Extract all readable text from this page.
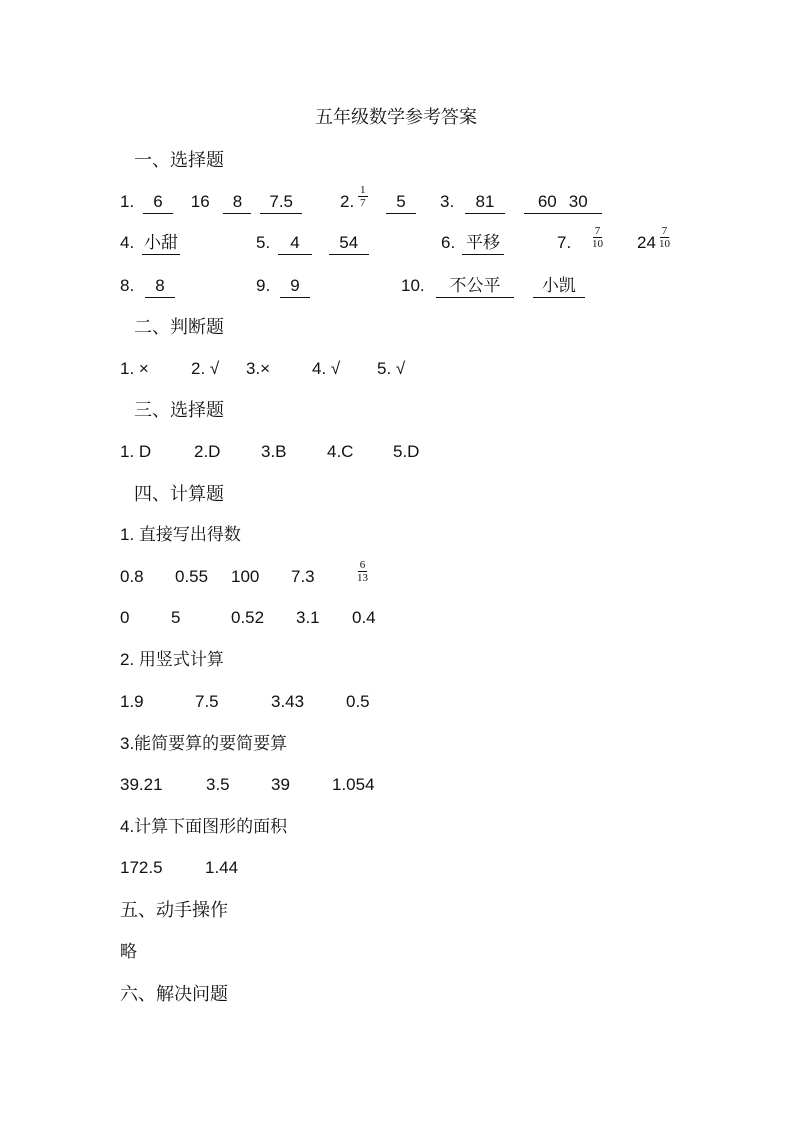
五年级数学参考答案
一、选择题
1.	6 16 8 7.5	2. $\frac{1}{7}$	5	3.	81	60 30
4. 小甜	5.	4 54	6. 平移	7. $\frac{7}{10} 24 \frac{7}{10}$
8.	8	9.	9	10.	不公平 小凯
二、判断题
1. × 2. √ 3.× 4. √ 5. √
三、选择题
1. D	2.D 3.B 4.C 5.D
四、计算题
1. 直接写出得数
0.8 0.55 100 7.3	$\frac{6}{13}$
0 5	0.52 3.1 0.4
2. 用竖式计算
1.9	7.5	3.43 0.5
3.能简要算的要简要算
39.21	3.5 39 1.054
4.计算下面图形的面积
172.5 1.44
五、动手操作
略
六、解决问题
